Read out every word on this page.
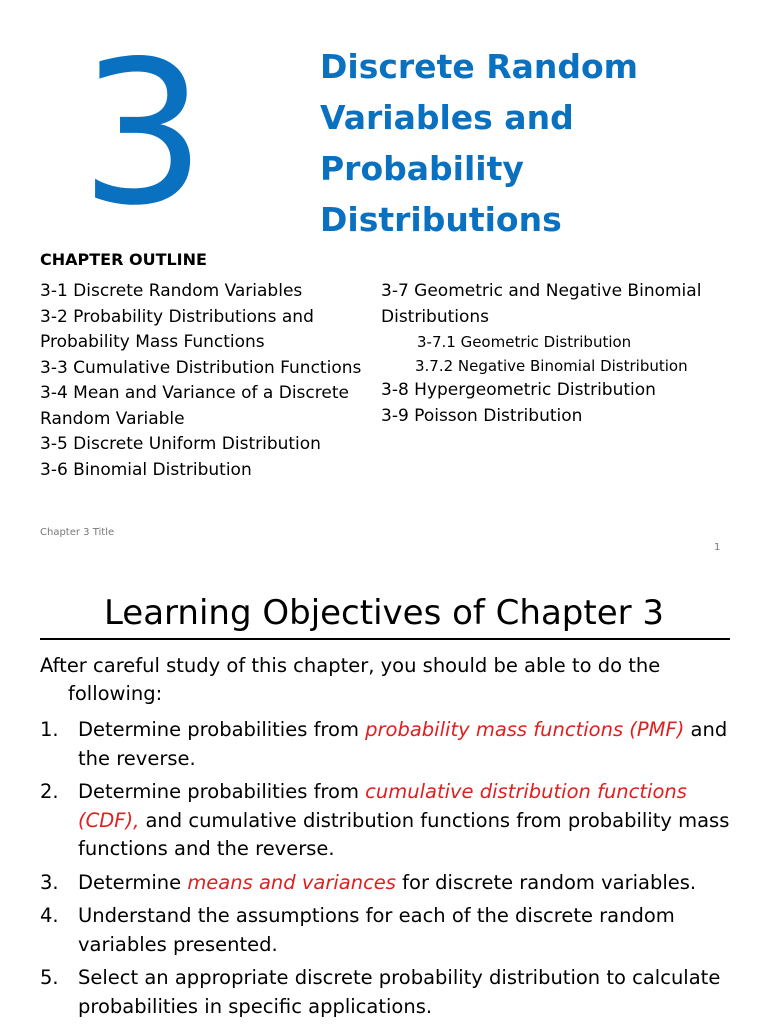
3	Discrete Random Variables and Probability Distributions
CHAPTER OUTLINE
3-1 Discrete Random Variables
3-2 Probability Distributions and Probability Mass Functions
3-3 Cumulative Distribution Functions
3-4 Mean and Variance of a Discrete Random Variable
3-5 Discrete Uniform Distribution
3-6 Binomial Distribution
3-7 Geometric and Negative Binomial Distributions
3-7.1 Geometric Distribution
3.7.2 Negative Binomial Distribution
3-8 Hypergeometric Distribution
3-9 Poisson Distribution
Chapter 3 Title
1
Learning Objectives of Chapter 3
After careful study of this chapter, you should be able to do the
following:
1. Determine probabilities from probability mass functions (PMF) and the reverse.
2. Determine probabilities from cumulative distribution functions (CDF), and cumulative distribution functions from probability mass functions and the reverse.
3. Determine means and variances for discrete random variables.
4. Understand the assumptions for each of the discrete random variables presented.
5. Select an appropriate discrete probability distribution to calculate probabilities in specific applications.
